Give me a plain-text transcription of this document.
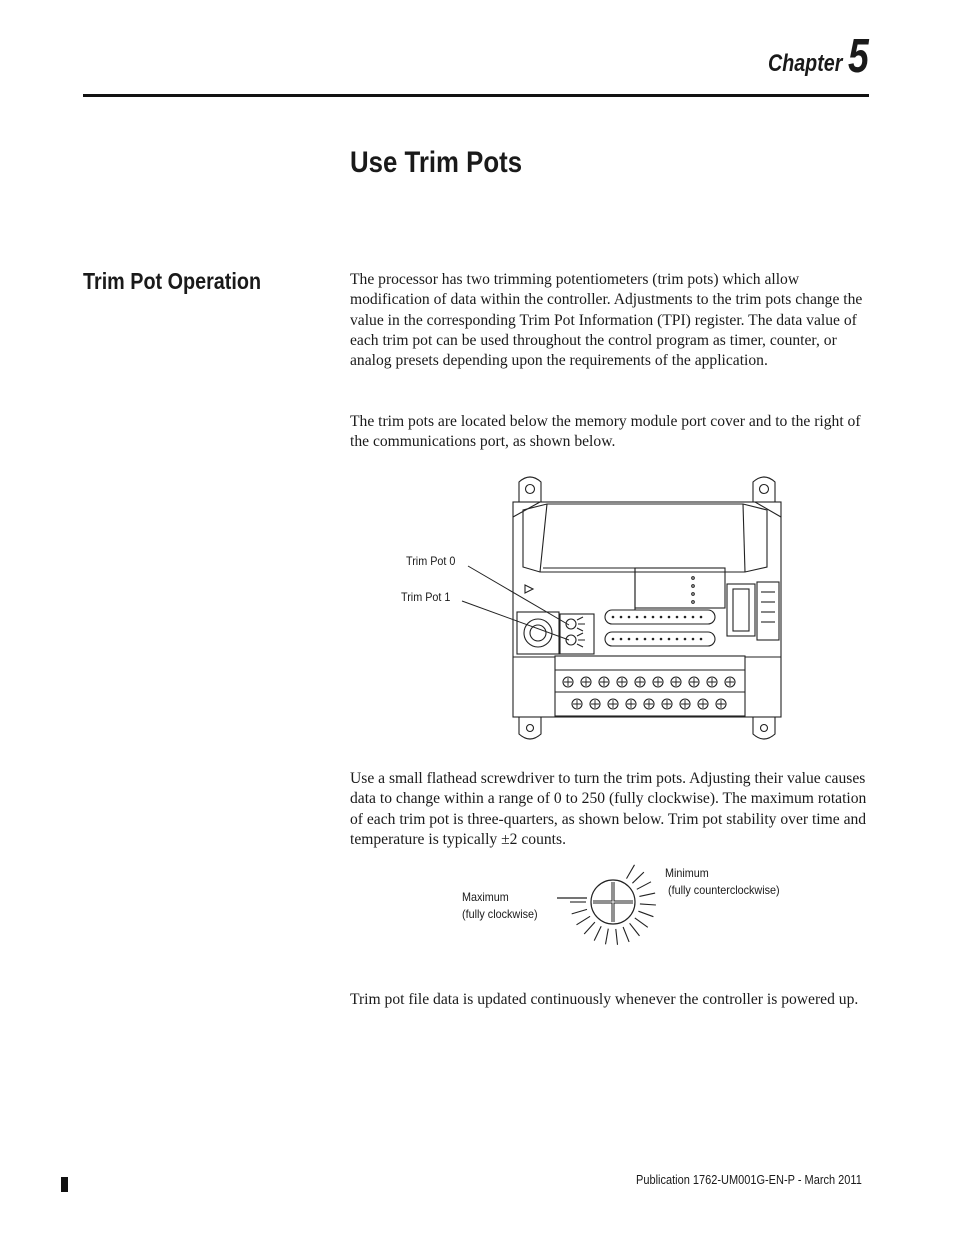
Chapter 5
Use Trim Pots
Trim Pot Operation	The processor has two trimming potentiometers (trim pots) which allow modification of data within the controller. Adjustments to the trim pots change the value in the corresponding Trim Pot Information (TPI) register. The data value of each trim pot can be used throughout the control program as timer, counter, or analog presets depending upon the requirements of the application.

The trim pots are located below the memory module port cover and to the right of the communications port, as shown below.

Trim Pot 0
Trim Pot 1

Use a small flathead screwdriver to turn the trim pots. Adjusting their value causes data to change within a range of 0 to 250 (fully clockwise). The maximum rotation of each trim pot is three-quarters, as shown below. Trim pot stability over time and temperature is typically ±2 counts.

Maximum
(fully clockwise)
Minimum
(fully counterclockwise)

Trim pot file data is updated continuously whenever the controller is powered up.

Publication 1762-UM001G-EN-P - March 2011
